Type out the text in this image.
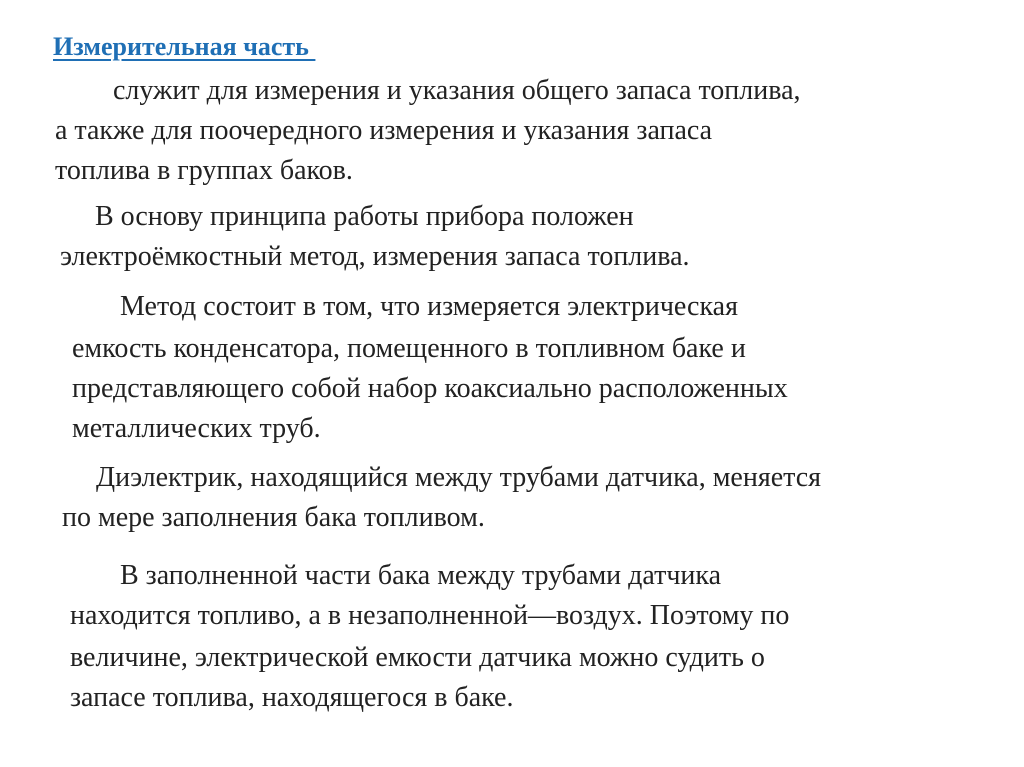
Измерительная часть
служит для измерения и указания общего запаса топлива,
а также для поочередного измерения и указания запаса
топлива в группах баков.
В основу принципа работы прибора положен
электроёмкостный метод, измерения запаса топлива.
Метод состоит в том, что измеряется электрическая
емкость конденсатора, помещенного в топливном баке и
представляющего собой набор коаксиально расположенных
металлических труб.
Диэлектрик, находящийся между трубами датчика, меняется
по мере заполнения бака топливом.
В заполненной части бака между трубами датчика
находится топливо, а в незаполненной—воздух. Поэтому по
величине, электрической емкости датчика можно судить о
запасе топлива, находящегося в баке.
